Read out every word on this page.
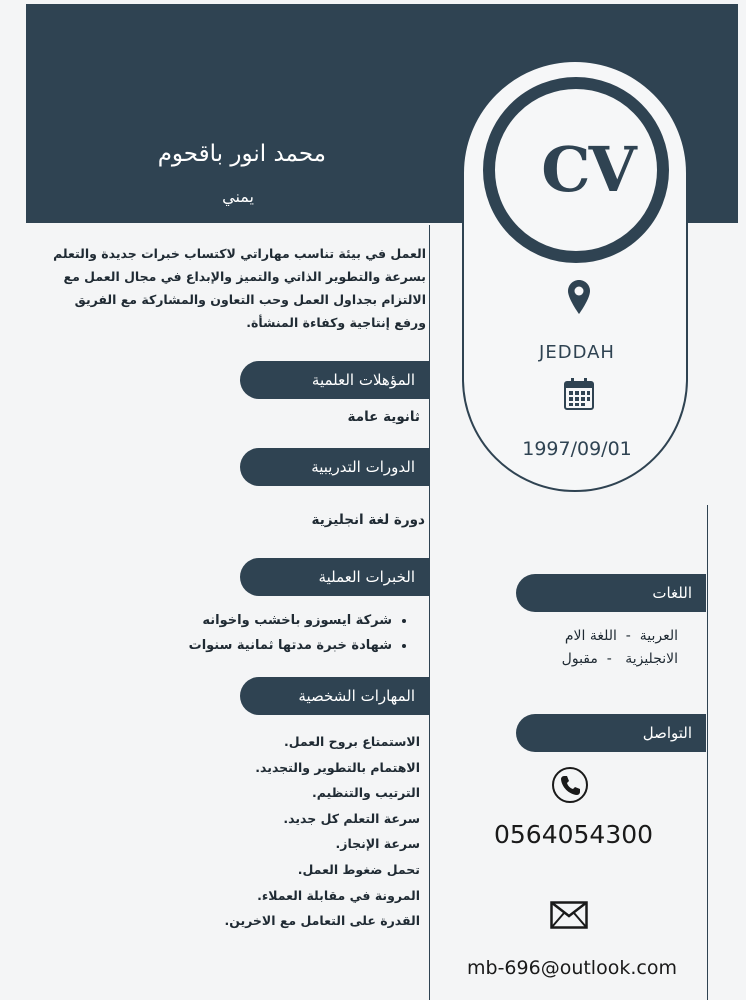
محمد انور باقحوم
يمني	CV
JEDDAH
1997/09/01
العمل في بيئة تناسب مهاراتي لاكتساب خبرات جديدة والتعلم بسرعة والتطوير الذاتي والتميز والإبداع في مجال العمل مع الالتزام بجداول العمل وحب التعاون والمشاركة مع الفريق ورفع إنتاجية وكفاءة المنشأة.
المؤهلات العلمية
ثانوية عامة
الدورات التدريبية
دورة لغة انجليزية
الخبرات العملية
• شركة ايسوزو باخشب واخوانه
• شهادة خبرة مدتها ثمانية سنوات
المهارات الشخصية
الاستمتاع بروح العمل.
الاهتمام بالتطوير والتجديد.
الترتيب والتنظيم.
سرعة التعلم كل جديد.
سرعة الإنجاز.
تحمل ضغوط العمل.
المرونة في مقابلة العملاء.
القدرة على التعامل مع الاخرين.
اللغات
العربية  -  اللغة الام
الانجليزية   -  مقبول
التواصل
0564054300
mb-696@outlook.com
